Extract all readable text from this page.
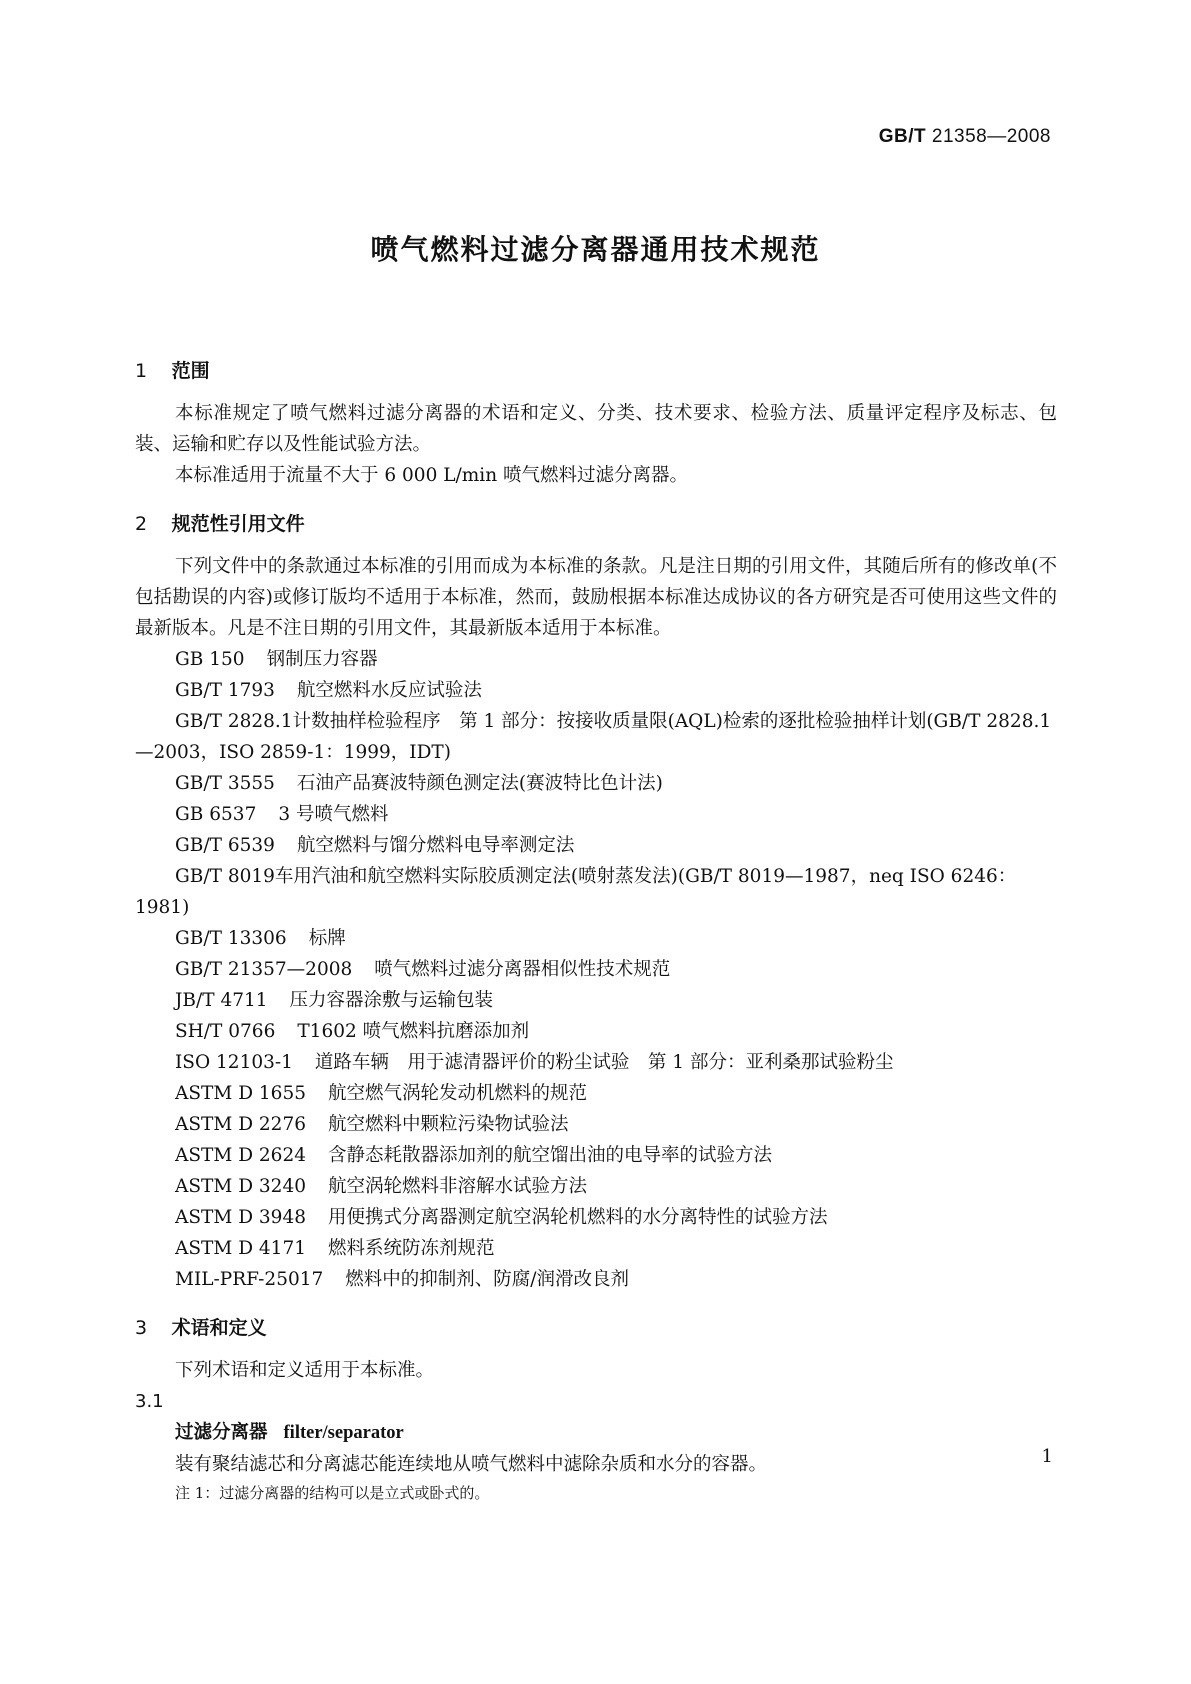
GB/T 21358—2008
喷气燃料过滤分离器通用技术规范
1 范围

本标准规定了喷气燃料过滤分离器的术语和定义、分类、技术要求、检验方法、质量评定程序及标志、包装、运输和贮存以及性能试验方法。

本标准适用于流量不大于 6 000 L/min 喷气燃料过滤分离器。

2 规范性引用文件

下列文件中的条款通过本标准的引用而成为本标准的条款。凡是注日期的引用文件，其随后所有的修改单(不包括勘误的内容)或修订版均不适用于本标准，然而，鼓励根据本标准达成协议的各方研究是否可使用这些文件的最新版本。凡是不注日期的引用文件，其最新版本适用于本标准。

GB 150 钢制压力容器

GB/T 1793 航空燃料水反应试验法

GB/T 2828.1计数抽样检验程序　第 1 部分：按接收质量限(AQL)检索的逐批检验抽样计划(GB/T 2828.1—2003，ISO 2859-1：1999，IDT)

GB/T 3555 石油产品赛波特颜色测定法(赛波特比色计法)

GB 6537 3 号喷气燃料

GB/T 6539 航空燃料与馏分燃料电导率测定法

GB/T 8019车用汽油和航空燃料实际胶质测定法(喷射蒸发法)(GB/T 8019—1987，neq ISO 6246：1981)

GB/T 13306 标牌

GB/T 21357—2008 喷气燃料过滤分离器相似性技术规范

JB/T 4711 压力容器涂敷与运输包装

SH/T 0766 T1602 喷气燃料抗磨添加剂

ISO 12103-1 道路车辆　用于滤清器评价的粉尘试验　第 1 部分：亚利桑那试验粉尘

ASTM D 1655 航空燃气涡轮发动机燃料的规范

ASTM D 2276 航空燃料中颗粒污染物试验法

ASTM D 2624 含静态耗散器添加剂的航空馏出油的电导率的试验方法

ASTM D 3240 航空涡轮燃料非溶解水试验方法

ASTM D 3948 用便携式分离器测定航空涡轮机燃料的水分离特性的试验方法

ASTM D 4171 燃料系统防冻剂规范

MIL-PRF-25017 燃料中的抑制剂、防腐/润滑改良剂

3 术语和定义

下列术语和定义适用于本标准。

3.1

过滤分离器 filter/separator

装有聚结滤芯和分离滤芯能连续地从喷气燃料中滤除杂质和水分的容器。

注 1：过滤分离器的结构可以是立式或卧式的。

1
